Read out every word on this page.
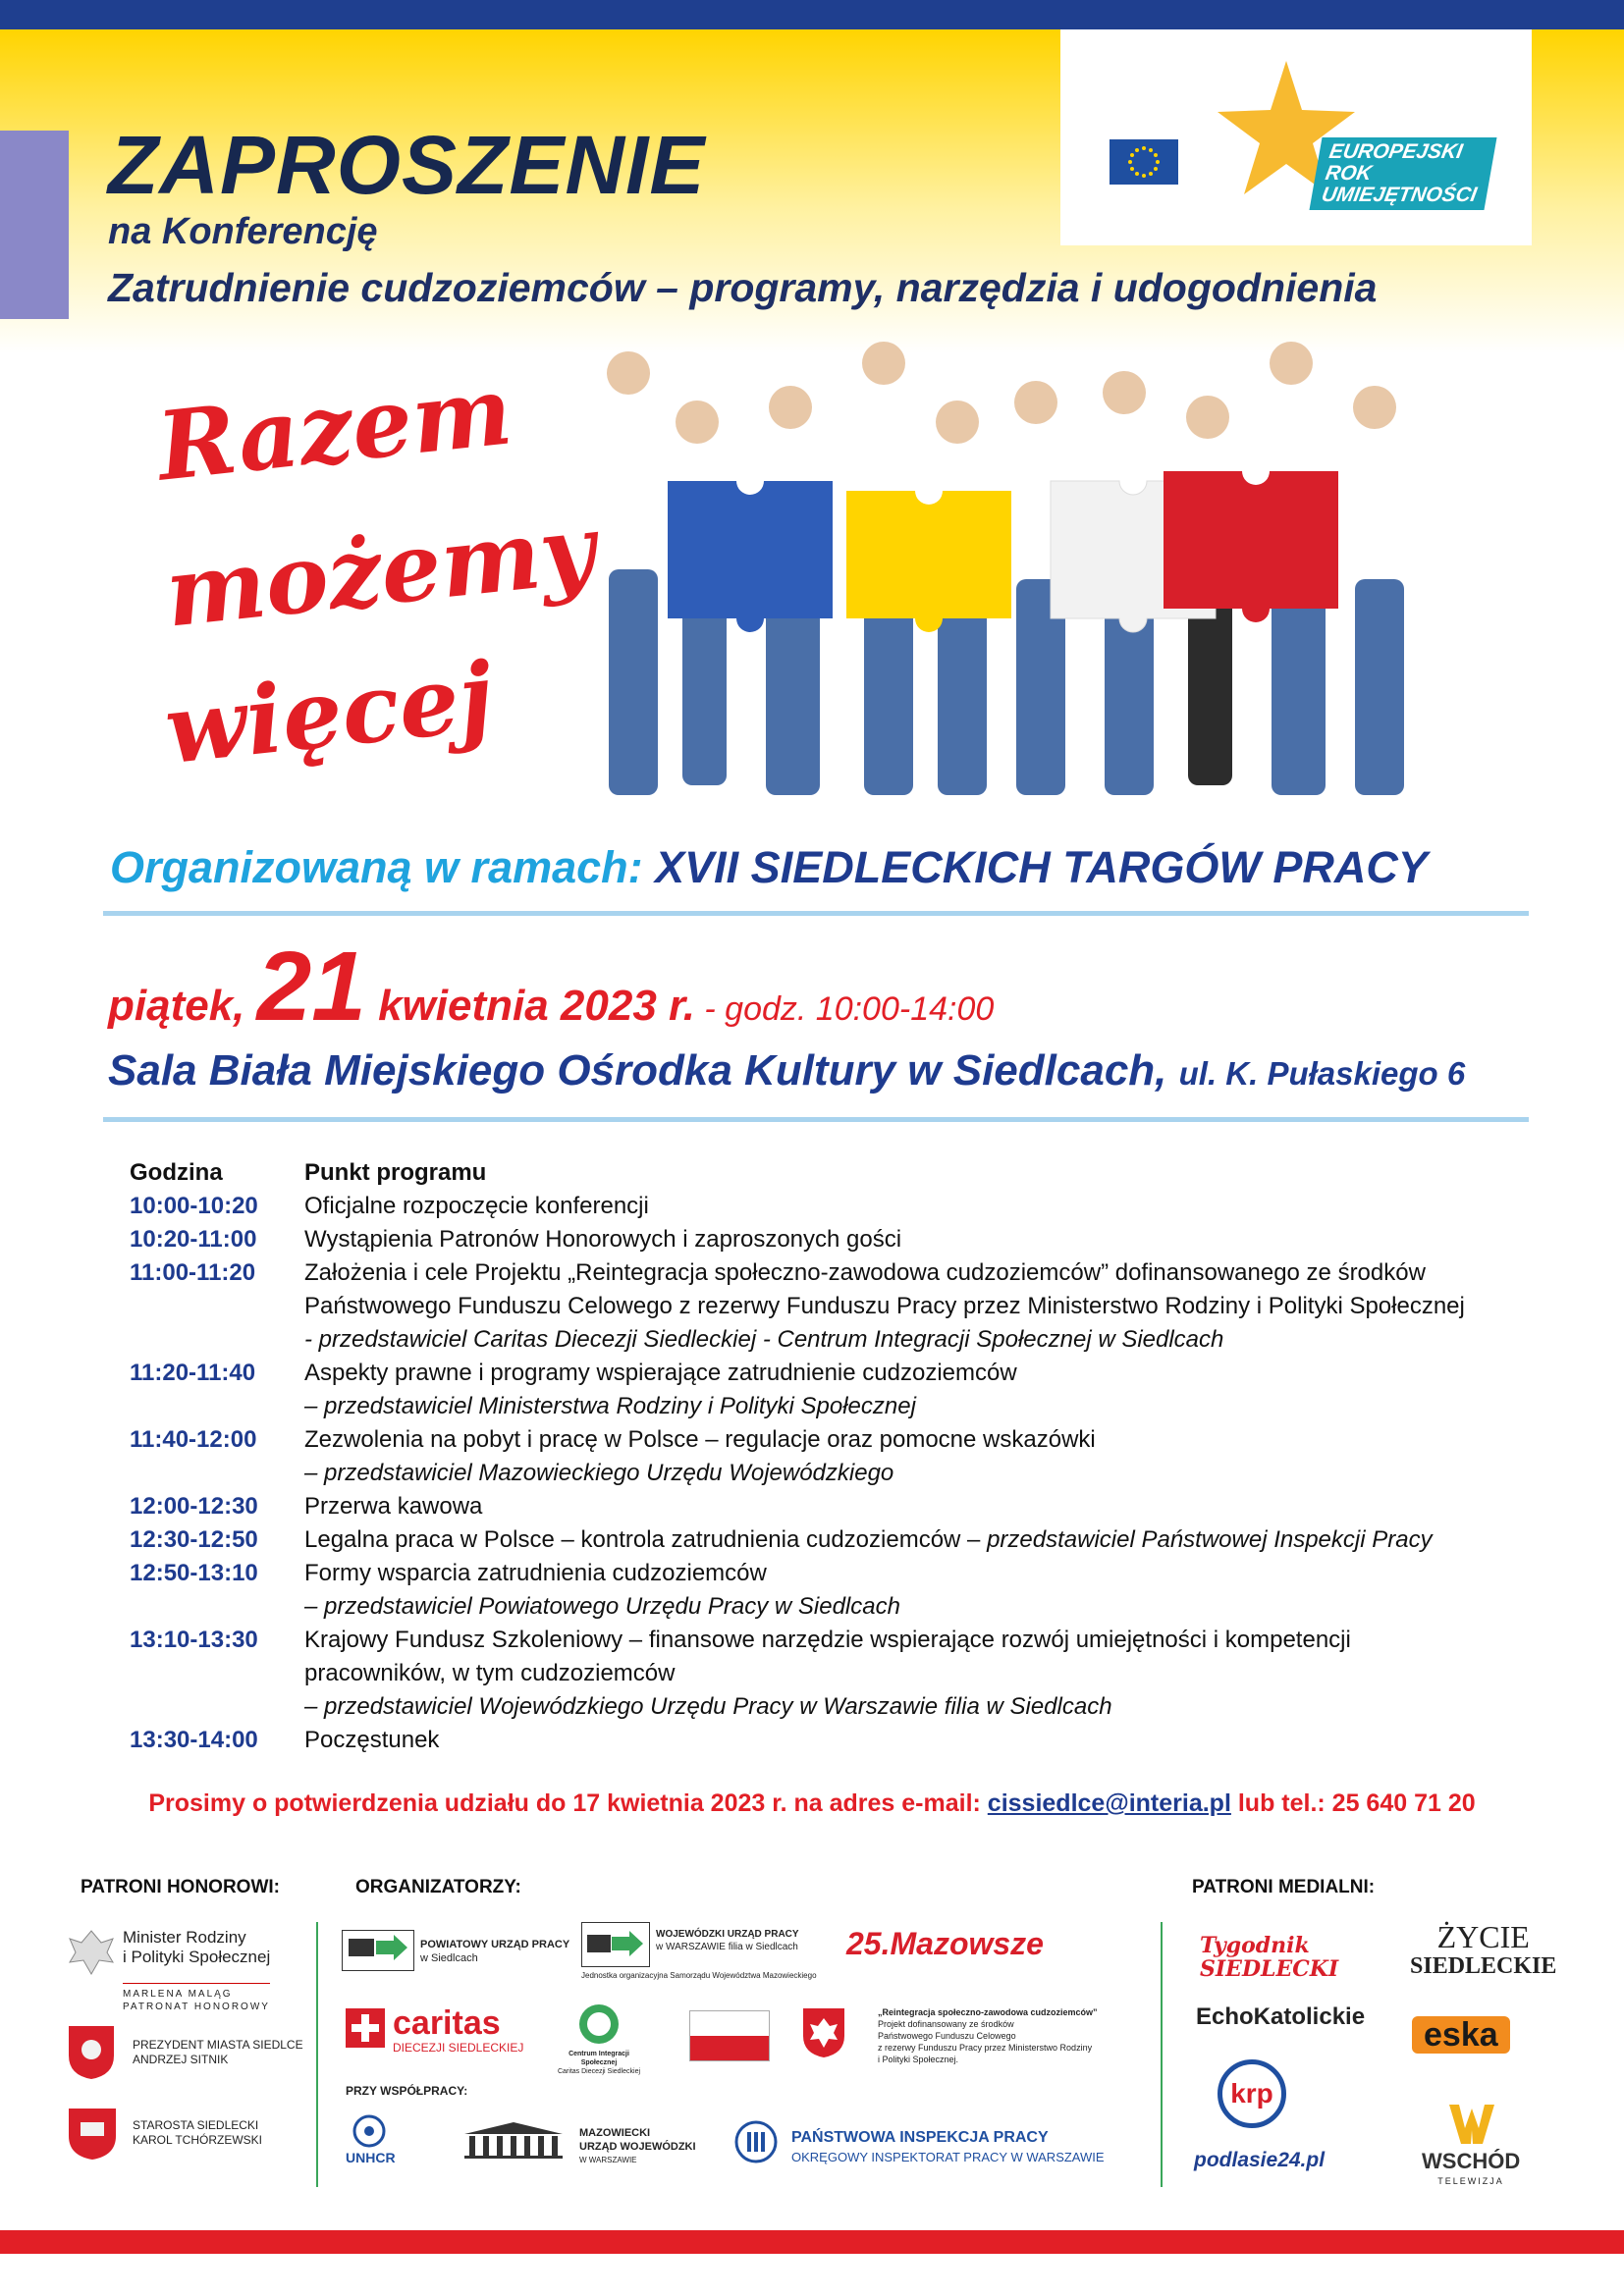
EUROPEJSKI
ROK
UMIEJĘTNOŚCI
ZAPROSZENIE
na Konferencję
Zatrudnienie cudzoziemców – programy, narzędzia i udogodnienia
Razem
możemy
więcej
Organizowaną w ramach: XVII SIEDLECKICH TARGÓW PRACY
piątek, 21 kwietnia 2023 r. - godz. 10:00-14:00
Sala Biała Miejskiego Ośrodka Kultury w Siedlcach, ul. K. Pułaskiego 6
Godzina	Punkt programu
10:00-10:20	Oficjalne rozpoczęcie konferencji
10:20-11:00	Wystąpienia Patronów Honorowych i zaproszonych gości
11:00-11:20	Założenia i cele Projektu „Reintegracja społeczno-zawodowa cudzoziemców” dofinansowanego ze środków
Państwowego Funduszu Celowego z rezerwy Funduszu Pracy przez Ministerstwo Rodziny i Polityki Społecznej
- przedstawiciel Caritas Diecezji Siedleckiej - Centrum Integracji Społecznej w Siedlcach
11:20-11:40	Aspekty prawne i programy wspierające zatrudnienie cudzoziemców
– przedstawiciel Ministerstwa Rodziny i Polityki Społecznej
11:40-12:00	Zezwolenia na pobyt i pracę w Polsce – regulacje oraz pomocne wskazówki
– przedstawiciel Mazowieckiego Urzędu Wojewódzkiego
12:00-12:30	Przerwa kawowa
12:30-12:50	Legalna praca w Polsce – kontrola zatrudnienia cudzoziemców – przedstawiciel Państwowej Inspekcji Pracy
12:50-13:10	Formy wsparcia zatrudnienia cudzoziemców
– przedstawiciel Powiatowego Urzędu Pracy w Siedlcach
13:10-13:30	Krajowy Fundusz Szkoleniowy – finansowe narzędzie wspierające rozwój umiejętności i kompetencji
pracowników, w tym cudzoziemców
– przedstawiciel Wojewódzkiego Urzędu Pracy w Warszawie filia w Siedlcach
13:30-14:00	Poczęstunek
Prosimy o potwierdzenia udziału do 17 kwietnia 2023 r. na adres e-mail: cissiedlce@interia.pl lub tel.: 25 640 71 20
PATRONI HONOROWI:	ORGANIZATORZY:	PATRONI MEDIALNI:
Minister Rodziny
i Polityki Społecznej
MARLENA MALĄG
PATRONAT HONOROWY
PREZYDENT MIASTA SIEDLCE
ANDRZEJ SITNIK
STAROSTA SIEDLECKI
KAROL TCHÓRZEWSKI
POWIATOWY URZĄD PRACY
w Siedlcach
WOJEWÓDZKI URZĄD PRACY
w WARSZAWIE filia w Siedlcach
Jednostka organizacyjna Samorządu Województwa Mazowieckiego
25.Mazowsze
caritas
DIECEZJI SIEDLECKIEJ	Centrum Integracji Społecznej
Caritas Diecezji Siedleckiej
„Reintegracja społeczno-zawodowa cudzoziemców”
Projekt dofinansowany ze środków
Państwowego Funduszu Celowego
z rezerwy Funduszu Pracy przez Ministerstwo Rodziny
i Polityki Społecznej.
PRZY WSPÓŁPRACY:
UNHCR
MAZOWIECKI
URZĄD WOJEWÓDZKI
W WARSZAWIE
PAŃSTWOWA INSPEKCJA PRACY
OKRĘGOWY INSPEKTORAT PRACY W WARSZAWIE
Tygodnik SIEDLECKI
ŻYCIE
SIEDLECKIE
EchoKatolickie	eska
krp
podlasie24.pl	WSCHÓD
TELEWIZJA
